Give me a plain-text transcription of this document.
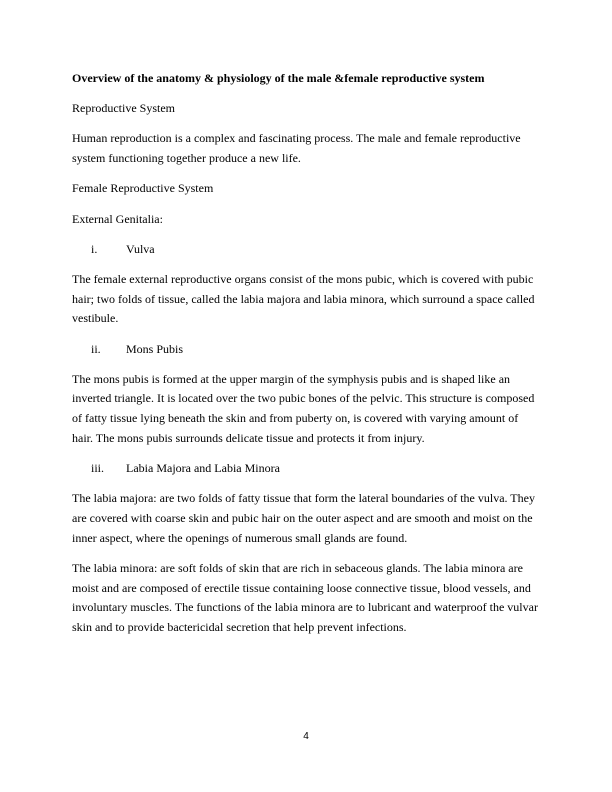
Overview of the anatomy & physiology of the male &female reproductive system

Reproductive System

Human reproduction is a complex and fascinating process. The male and female reproductive system functioning together produce a new life.

Female Reproductive System

External Genitalia:

i. Vulva

The female external reproductive organs consist of the mons pubic, which is covered with pubic hair; two folds of tissue, called the labia majora and labia minora, which surround a space called vestibule.

ii. Mons Pubis

The mons pubis is formed at the upper margin of the symphysis pubis and is shaped like an inverted triangle. It is located over the two pubic bones of the pelvic. This structure is composed of fatty tissue lying beneath the skin and from puberty on, is covered with varying amount of hair. The mons pubis surrounds delicate tissue and protects it from injury.

iii. Labia Majora and Labia Minora

The labia majora: are two folds of fatty tissue that form the lateral boundaries of the vulva. They are covered with coarse skin and pubic hair on the outer aspect and are smooth and moist on the inner aspect, where the openings of numerous small glands are found.

The labia minora: are soft folds of skin that are rich in sebaceous glands. The labia minora are moist and are composed of erectile tissue containing loose connective tissue, blood vessels, and involuntary muscles. The functions of the labia minora are to lubricant and waterproof the vulvar skin and to provide bactericidal secretion that help prevent infections.

4
